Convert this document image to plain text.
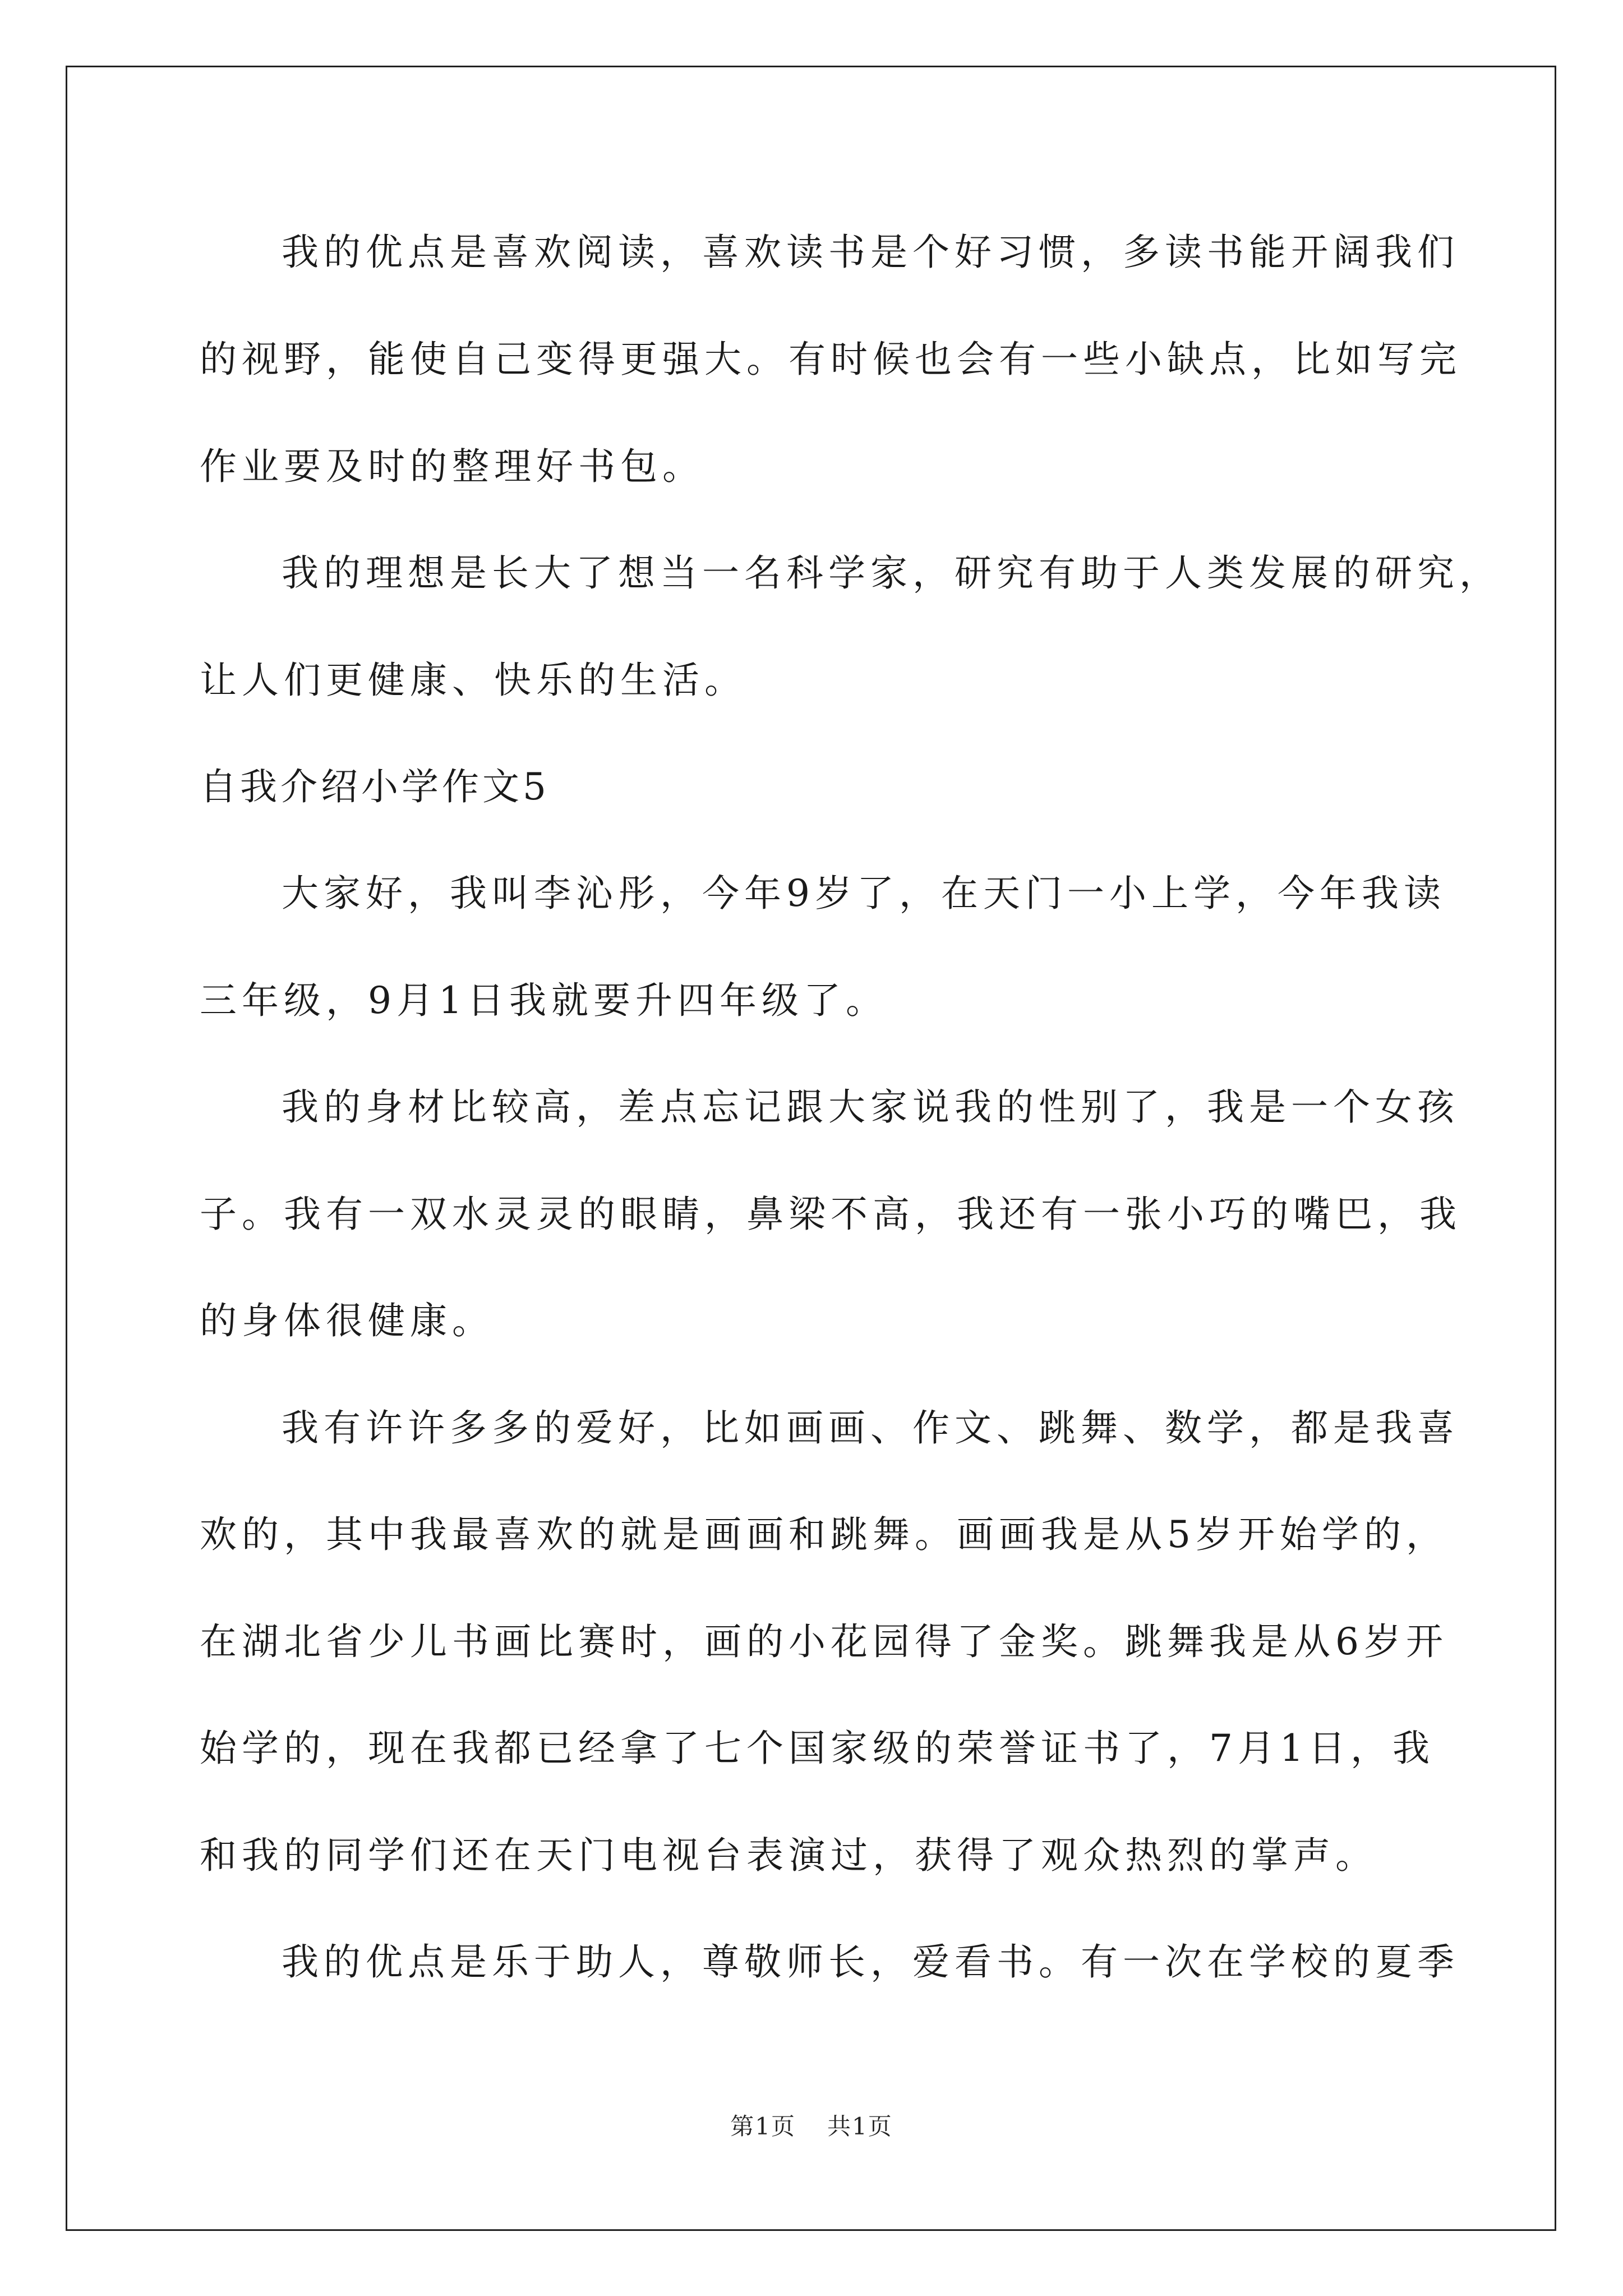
我的优点是喜欢阅读，喜欢读书是个好习惯，多读书能开阔我们
的视野，能使自己变得更强大。有时候也会有一些小缺点，比如写完
作业要及时的整理好书包。
我的理想是长大了想当一名科学家，研究有助于人类发展的研究，
让人们更健康、快乐的生活。
自我介绍小学作文5
大家好，我叫李沁彤，今年9岁了，在天门一小上学，今年我读
三年级，9月1日我就要升四年级了。
我的身材比较高，差点忘记跟大家说我的性别了，我是一个女孩
子。我有一双水灵灵的眼睛，鼻梁不高，我还有一张小巧的嘴巴，我
的身体很健康。
我有许许多多的爱好，比如画画、作文、跳舞、数学，都是我喜
欢的，其中我最喜欢的就是画画和跳舞。画画我是从5岁开始学的，
在湖北省少儿书画比赛时，画的小花园得了金奖。跳舞我是从6岁开
始学的，现在我都已经拿了七个国家级的荣誉证书了，7月1日，我
和我的同学们还在天门电视台表演过，获得了观众热烈的掌声。
我的优点是乐于助人，尊敬师长，爱看书。有一次在学校的夏季
第1页 共1页
